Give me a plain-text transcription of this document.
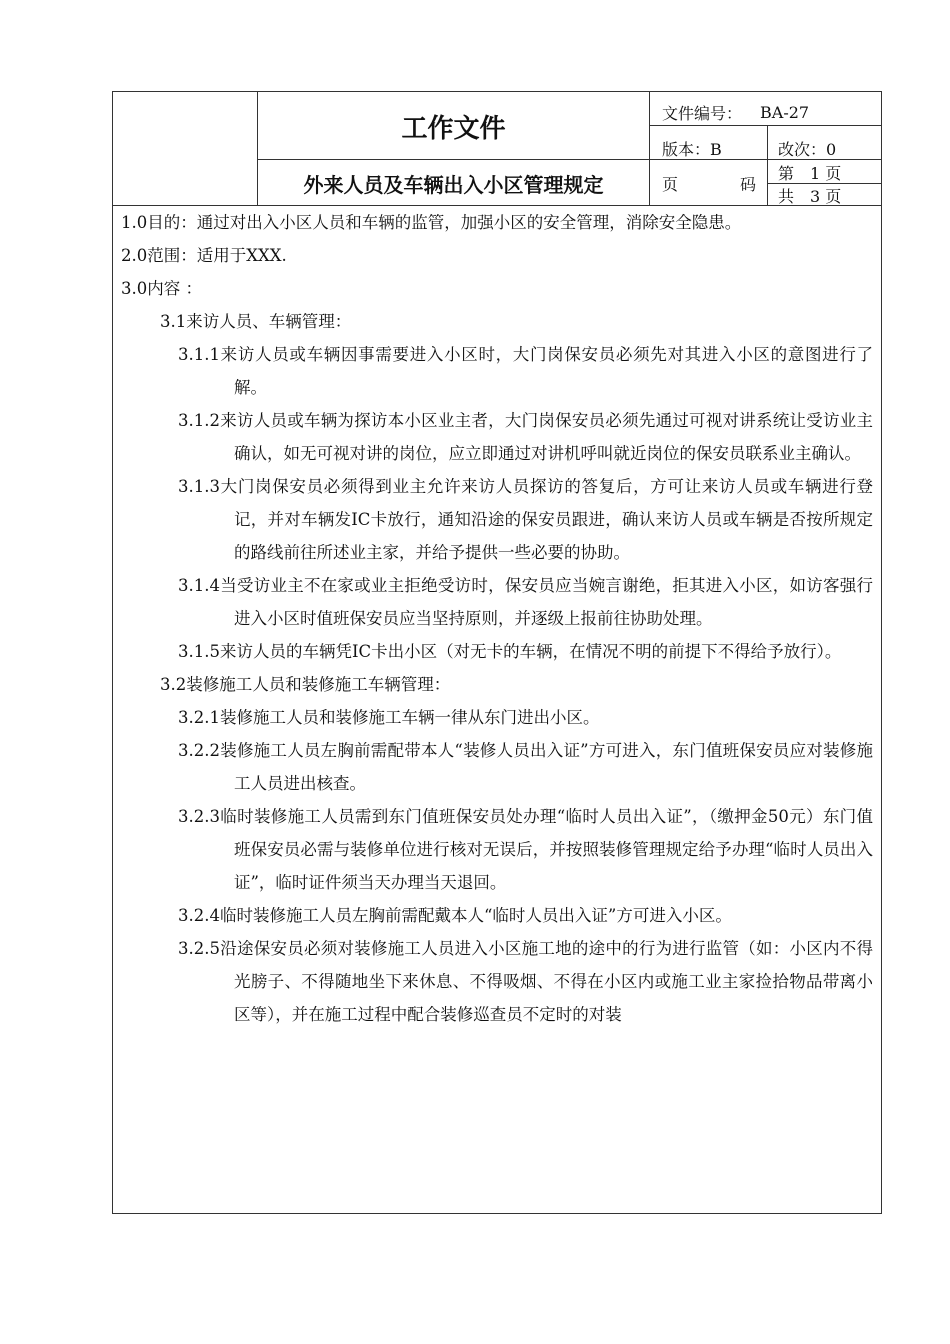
工作文件
外来人员及车辆出入小区管理规定
文件编号： BA-27
版本：B	改次：0
页　　码
第　1 页
共　3 页

1.0目的：通过对出入小区人员和车辆的监管，加强小区的安全管理，消除安全隐患。

2.0范围：适用于XXX.

3.0内容 ：

3.1来访人员、车辆管理：

3.1.1来访人员或车辆因事需要进入小区时，大门岗保安员必须先对其进入小区的意图进行了解。

3.1.2来访人员或车辆为探访本小区业主者，大门岗保安员必须先通过可视对讲系统让受访业主确认，如无可视对讲的岗位，应立即通过对讲机呼叫就近岗位的保安员联系业主确认。

3.1.3大门岗保安员必须得到业主允许来访人员探访的答复后，方可让来访人员或车辆进行登记，并对车辆发IC卡放行，通知沿途的保安员跟进，确认来访人员或车辆是否按所规定的路线前往所述业主家，并给予提供一些必要的协助。

3.1.4当受访业主不在家或业主拒绝受访时，保安员应当婉言谢绝，拒其进入小区，如访客强行进入小区时值班保安员应当坚持原则，并逐级上报前往协助处理。

3.1.5来访人员的车辆凭IC卡出小区（对无卡的车辆，在情况不明的前提下不得给予放行）。

3.2装修施工人员和装修施工车辆管理：

3.2.1装修施工人员和装修施工车辆一律从东门进出小区。

3.2.2装修施工人员左胸前需配带本人“装修人员出入证”方可进入，东门值班保安员应对装修施工人员进出核查。

3.2.3临时装修施工人员需到东门值班保安员处办理“临时人员出入证”，（缴押金50元）东门值班保安员必需与装修单位进行核对无误后，并按照装修管理规定给予办理“临时人员出入证”，临时证件须当天办理当天退回。

3.2.4临时装修施工人员左胸前需配戴本人“临时人员出入证”方可进入小区。

3.2.5沿途保安员必须对装修施工人员进入小区施工地的途中的行为进行监管（如：小区内不得光膀子、不得随地坐下来休息、不得吸烟、不得在小区内或施工业主家捡拾物品带离小区等），并在施工过程中配合装修巡查员不定时的对装
